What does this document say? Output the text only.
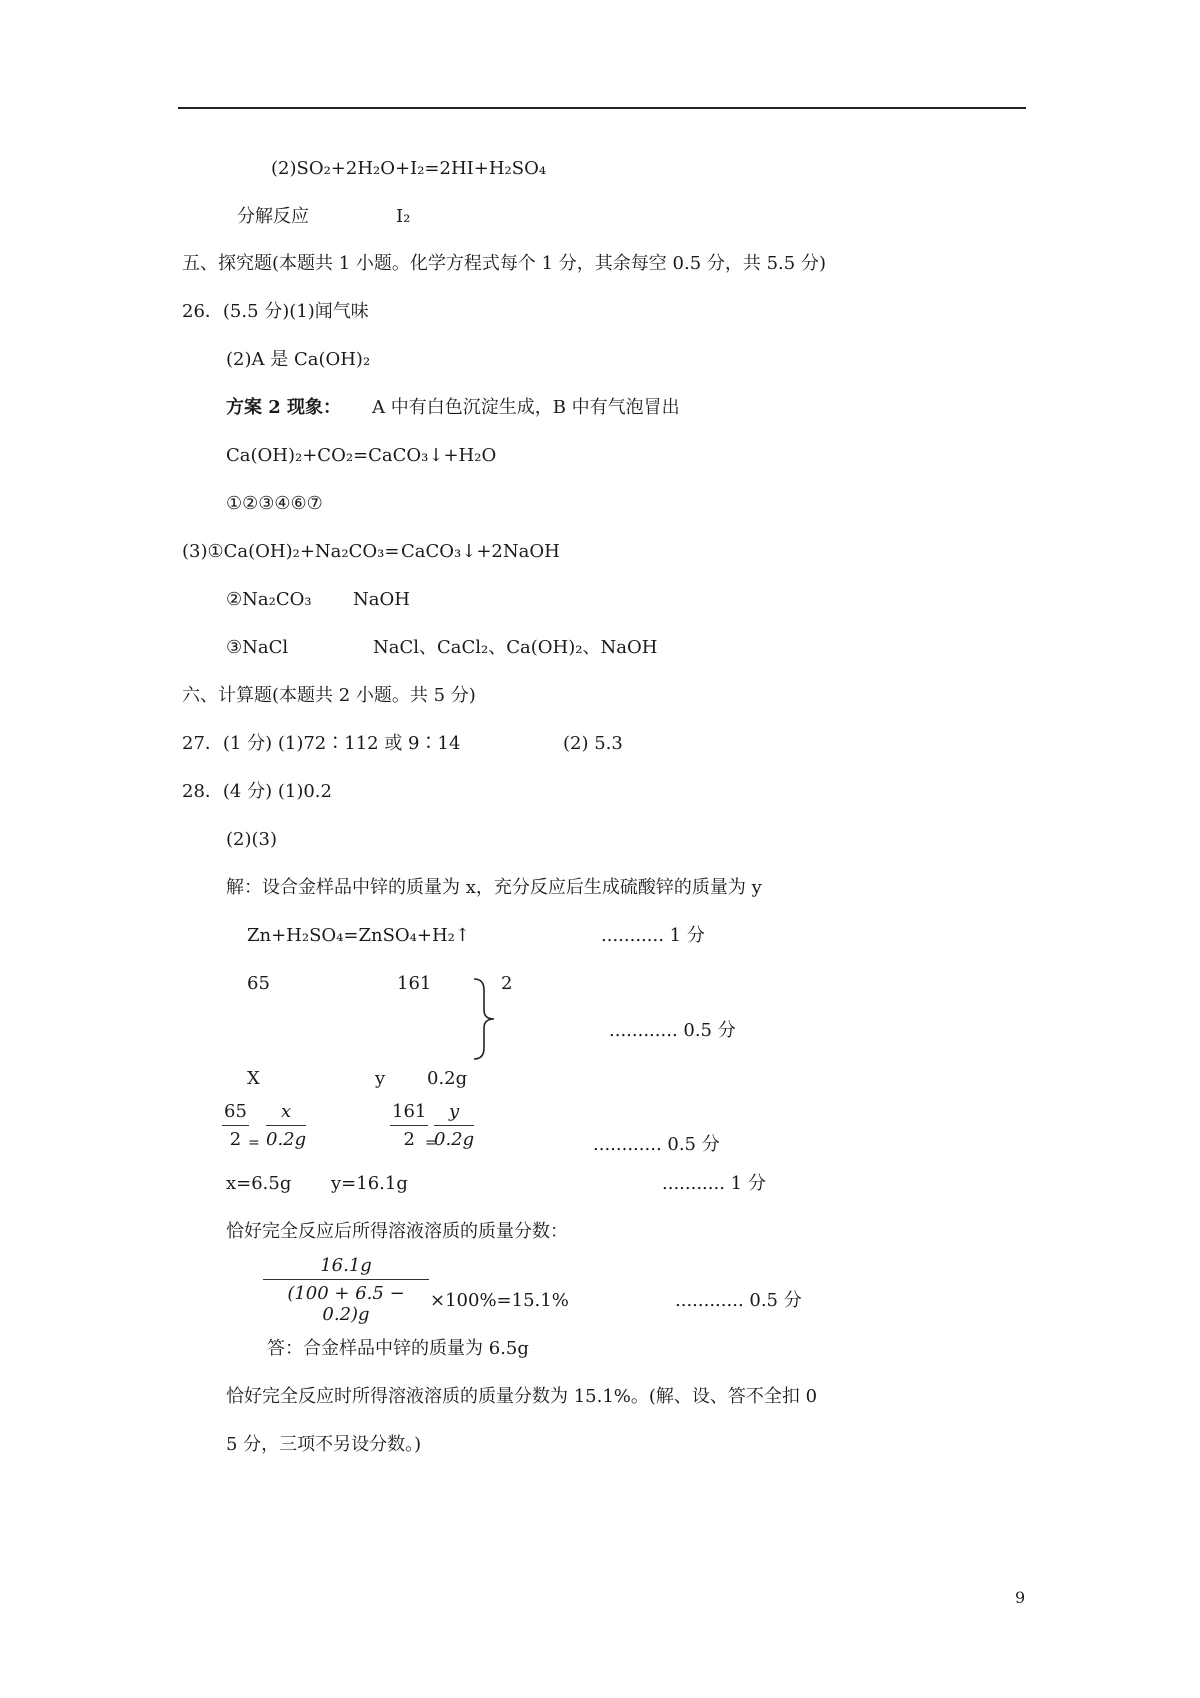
(2)SO₂+2H₂O+I₂=2HI+H₂SO₄
分解反应	I₂
五、探究题(本题共 1 小题。化学方程式每个 1 分，其余每空 0.5 分，共 5.5 分)
26．(5.5 分)(1)闻气味
(2)A 是 Ca(OH)₂
方案 2 现象： A 中有白色沉淀生成，B 中有气泡冒出
Ca(OH)₂+CO₂=CaCO₃↓+H₂O
①②③④⑥⑦
(3)①Ca(OH)₂+Na₂CO₃= CaCO₃↓+2NaOH
②Na₂CO₃ NaOH
③NaCl	NaCl、CaCl₂、Ca(OH)₂、NaOH
六、计算题(本题共 2 小题。共 5 分)
27．(1 分) (1)72∶112 或 9∶14	(2) 5.3
28．(4 分) (1)0.2
(2)(3)
解：设合金样品中锌的质量为 x，充分反应后生成硫酸锌的质量为 y
Zn+H₂SO₄=ZnSO₄+H₂↑	........... 1 分
65	161	2
............ 0.5 分
X	y 0.2g
$\frac{65}{2} = \frac{x}{0.2g}$	$\frac{161}{2}$
=
$\frac{y}{0.2g}$	............ 0.5 分
x=6.5g y=16.1g	........... 1 分
恰好完全反应后所得溶液溶质的质量分数：
$\frac{16.1g}{(100 + 6.5 - 0.2)g} \times 100\%=15.1\%$	............ 0.5 分
答：合金样品中锌的质量为 6.5g
恰好完全反应时所得溶液溶质的质量分数为 15.1%。(解、设、答不全扣 0
5 分，三项不另设分数。)
9
